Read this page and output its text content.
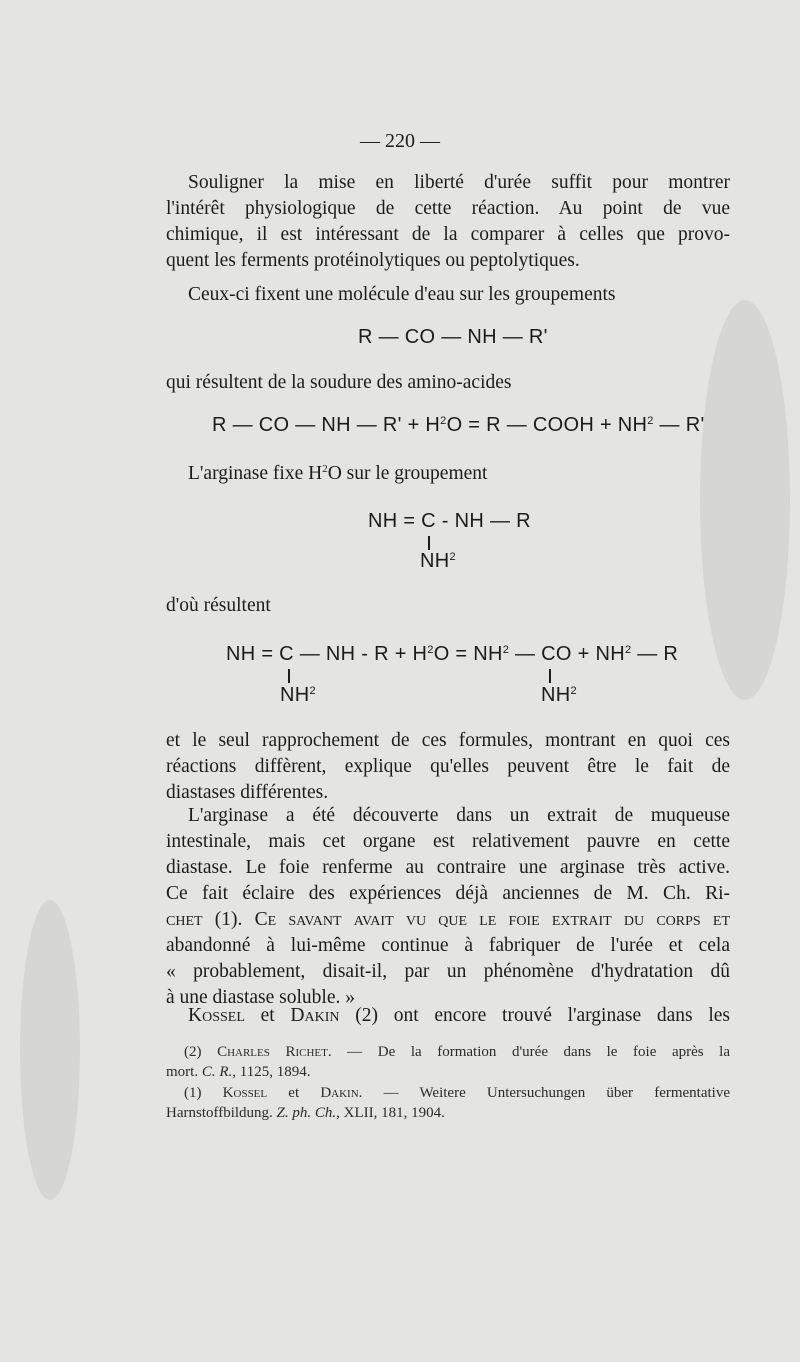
— 220 —
Souligner la mise en liberté d'urée suffit pour montrer
l'intérêt physiologique de cette réaction. Au point de vue
chimique, il est intéressant de la comparer à celles que provo-
quent les ferments protéinolytiques ou peptolytiques.
Ceux-ci fixent une molécule d'eau sur les groupements
R — CO — NH — R'
qui résultent de la soudure des amino-acides
R — CO — NH — $R' + H^2O = R$ — COOH + $NH^2$ — R'
L'arginase fixe $H^2O$ sur le groupement
NH = C - NH — R
$NH^2$
d'où résultent
NH = C — NH - $R + H^2O = NH^2$ — CO + $NH^2$ — R
$NH^2$	$NH^2$
et le seul rapprochement de ces formules, montrant en quoi ces
réactions diffèrent, explique qu'elles peuvent être le fait de
diastases différentes.
L'arginase a été découverte dans un extrait de muqueuse
intestinale, mais cet organe est relativement pauvre en cette
diastase. Le foie renferme au contraire une arginase très active.
Ce fait éclaire des expériences déjà anciennes de M. Ch. Ri-
chet (1). Ce savant avait vu que le foie extrait du corps et
abandonné à lui-même continue à fabriquer de l'urée et cela
« probablement, disait-il, par un phénomène d'hydratation dû
à une diastase soluble. »
Kossel et Dakin (2) ont encore trouvé l'arginase dans les
(2) Charles Richet. — De la formation d'urée dans le foie après la
mort. C. R., 1125, 1894.
(1) Kossel et Dakin. — Weitere Untersuchungen über fermentative
Harnstoffbildung. Z. ph. Ch., XLII, 181, 1904.
